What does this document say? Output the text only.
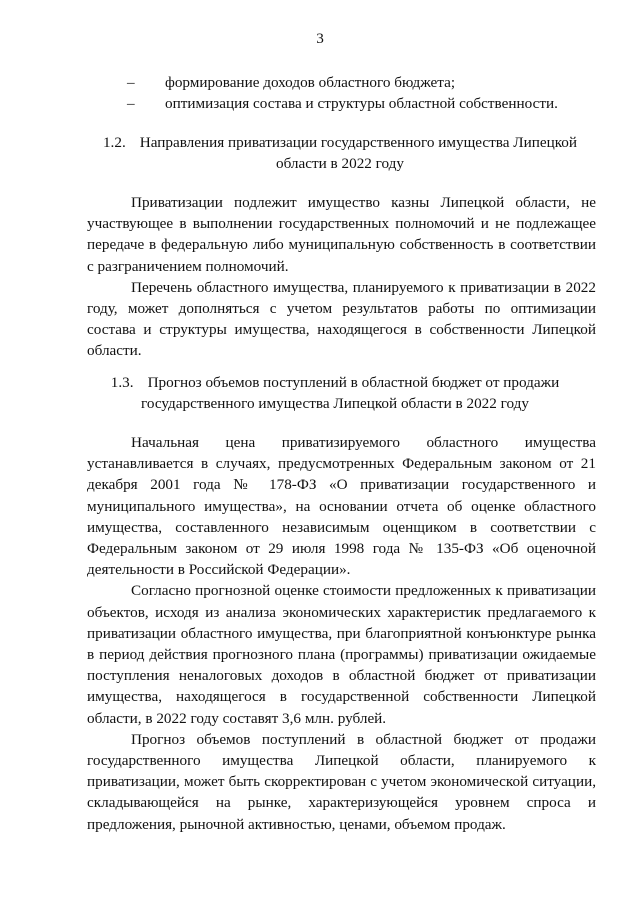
3
–	формирование доходов областного бюджета;
–	оптимизация состава и структуры областной собственности.
1.2. Направления приватизации государственного имущества Липецкой
области в 2022 году

Приватизации подлежит имущество казны Липецкой области, не участвующее в выполнении государственных полномочий и не подлежащее передаче в федеральную либо муниципальную собственность в соответствии с разграничением полномочий.

Перечень областного имущества, планируемого к приватизации в 2022 году, может дополняться с учетом результатов работы по оптимизации состава и структуры имущества, находящегося в собственности Липецкой области.

1.3. Прогноз объемов поступлений в областной бюджет от продажи
государственного имущества Липецкой области в 2022 году

Начальная цена приватизируемого областного имущества устанавливается в случаях, предусмотренных Федеральным законом от 21 декабря 2001 года № 178-ФЗ «О приватизации государственного и муниципального имущества», на основании отчета об оценке областного имущества, составленного независимым оценщиком в соответствии с Федеральным законом от 29 июля 1998 года № 135-ФЗ «Об оценочной деятельности в Российской Федерации».

Согласно прогнозной оценке стоимости предложенных к приватизации объектов, исходя из анализа экономических характеристик предлагаемого к приватизации областного имущества, при благоприятной конъюнктуре рынка в период действия прогнозного плана (программы) приватизации ожидаемые поступления неналоговых доходов в областной бюджет от приватизации имущества, находящегося в государственной собственности Липецкой области, в 2022 году составят 3,6 млн. рублей.

Прогноз объемов поступлений в областной бюджет от продажи государственного имущества Липецкой области, планируемого к приватизации, может быть скорректирован с учетом экономической ситуации, складывающейся на рынке, характеризующейся уровнем спроса и предложения, рыночной активностью, ценами, объемом продаж.
